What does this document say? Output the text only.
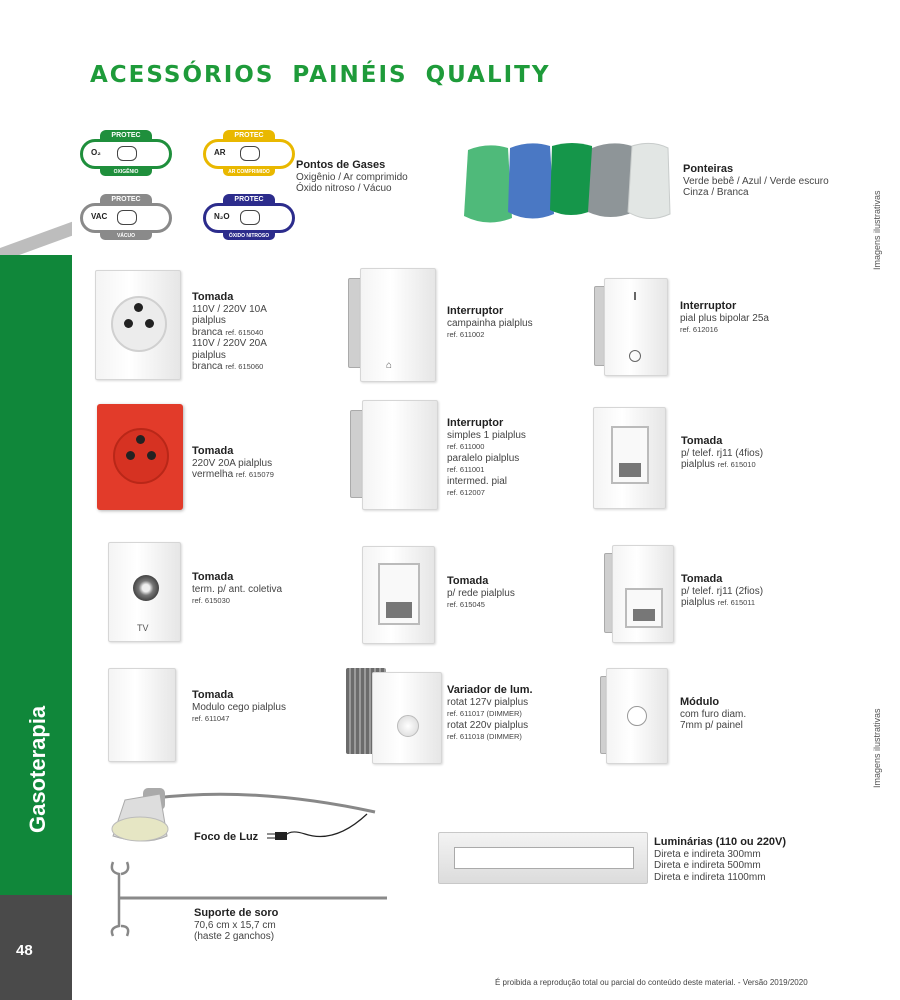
Gasoterapia
48
ACESSÓRIOS PAINÉIS QUALITY
Imagens ilustrativas
Imagens ilustrativas
PROTEC
O₂
OXIGÊNIO
PROTEC
AR
AR COMPRIMIDO
PROTEC
VAC
VÁCUO
PROTEC
N₂O
ÓXIDO NITROSO
Pontos de Gases
Oxigênio / Ar comprimido
Óxido nitroso / Vácuo
Ponteiras
Verde bebê / Azul / Verde escuro
Cinza / Branca
Tomada
110V / 220V 10A
pialplus
branca ref. 615040
110V / 220V 20A
pialplus
branca ref. 615060	⌂
Interruptor
campainha pialplus
ref. 611002
Interruptor
pial plus bipolar 25a
ref. 612016
Tomada
220V 20A pialplus
vermelha ref. 615079
Interruptor
simples 1 pialplus
ref. 611000
paralelo pialplus
ref. 611001
intermed. pial
ref. 612007
Tomada
p/ telef. rj11 (4fios)
pialplus ref. 615010
TV
Tomada
term. p/ ant. coletiva
ref. 615030
Tomada
p/ rede pialplus
ref. 615045
Tomada
p/ telef. rj11 (2fios)
pialplus ref. 615011
Tomada
Modulo cego pialplus
ref. 611047
Variador de lum.
rotat 127v pialplus
ref. 611017 (DIMMER)
rotat 220v pialplus
ref. 611018 (DIMMER)
Módulo
com furo diam.
7mm p/ painel
Foco de Luz	Luminárias (110 ou 220V)
Direta e indireta 300mm
Direta e indireta 500mm
Direta e indireta 1100mm
Suporte de soro
70,6 cm x 15,7 cm
(haste 2 ganchos)
É proibida a reprodução total ou parcial do conteúdo deste material. - Versão 2019/2020
